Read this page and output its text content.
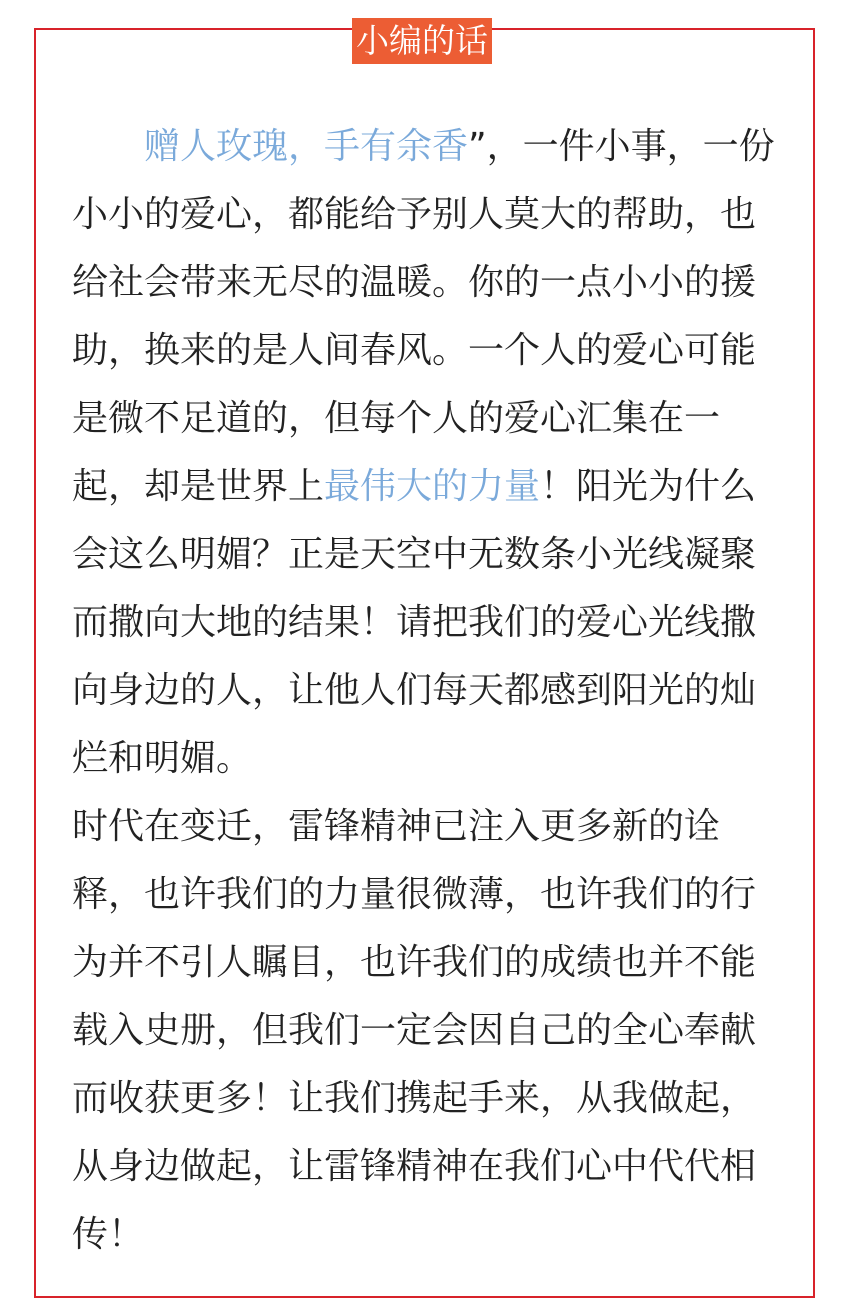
小编的话
赠人玫瑰，手有余香”，一件小事，一份
小小的爱心，都能给予别人莫大的帮助，也
给社会带来无尽的温暖。你的一点小小的援
助，换来的是人间春风。一个人的爱心可能
是微不足道的，但每个人的爱心汇集在一
起，却是世界上最伟大的力量！阳光为什么
会这么明媚？正是天空中无数条小光线凝聚
而撒向大地的结果！请把我们的爱心光线撒
向身边的人，让他人们每天都感到阳光的灿
烂和明媚。
时代在变迁，雷锋精神已注入更多新的诠
释，也许我们的力量很微薄，也许我们的行
为并不引人瞩目，也许我们的成绩也并不能
载入史册，但我们一定会因自己的全心奉献
而收获更多！让我们携起手来，从我做起，
从身边做起，让雷锋精神在我们心中代代相
传！
